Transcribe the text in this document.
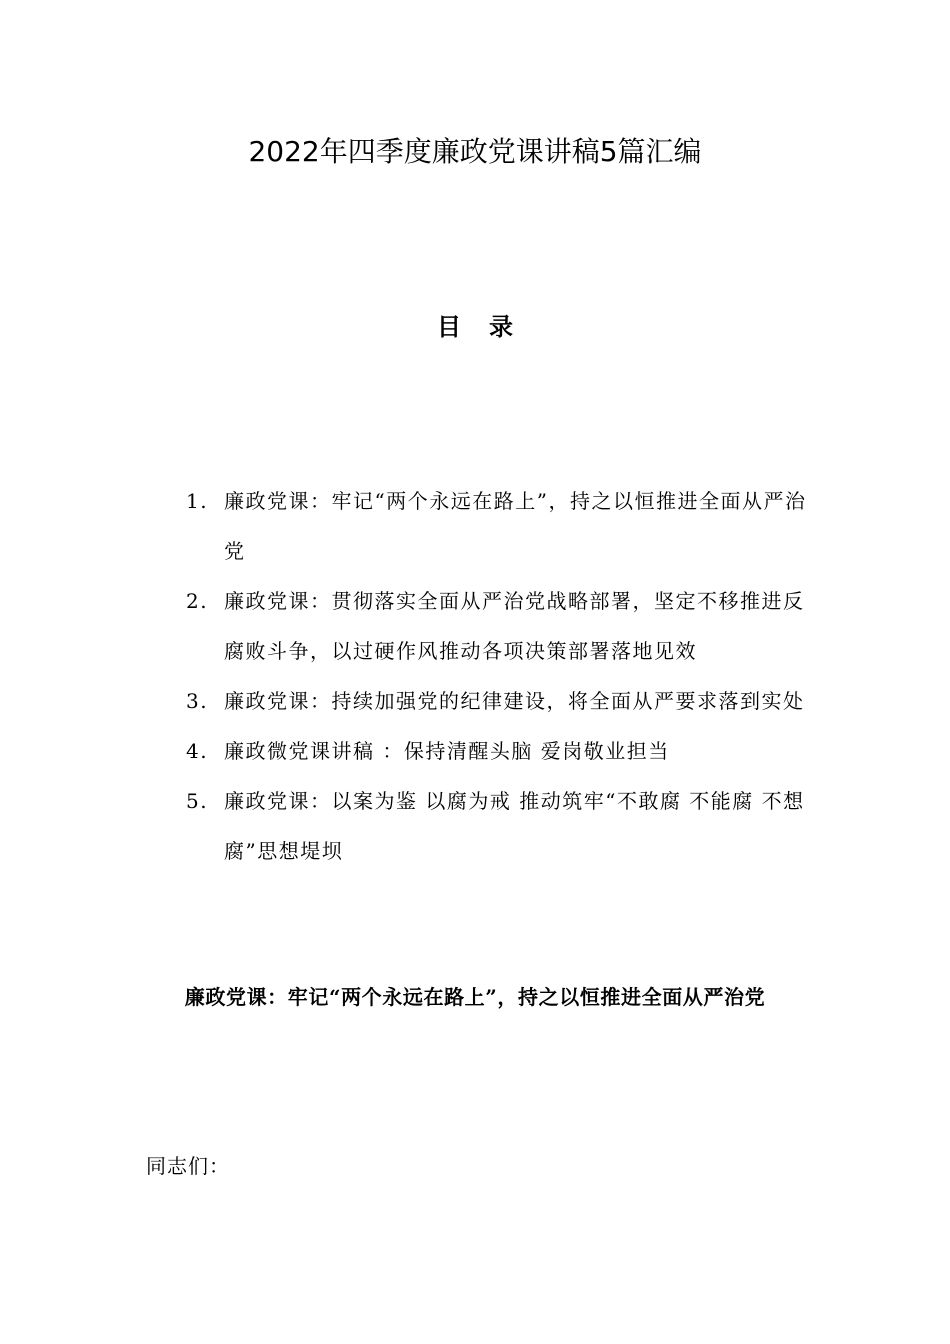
2022年四季度廉政党课讲稿5篇汇编
目录
1. 廉政党课：牢记“两个永远在路上”，持之以恒推进全面从严治党
2. 廉政党课：贯彻落实全面从严治党战略部署，坚定不移推进反腐败斗争，以过硬作风推动各项决策部署落地见效
3. 廉政党课：持续加强党的纪律建设，将全面从严要求落到实处
4. 廉政微党课讲稿 ：保持清醒头脑 爱岗敬业担当
5. 廉政党课：以案为鉴 以腐为戒 推动筑牢“不敢腐 不能腐 不想腐”思想堤坝
廉政党课：牢记“两个永远在路上”，持之以恒推进全面从严治党
同志们：
